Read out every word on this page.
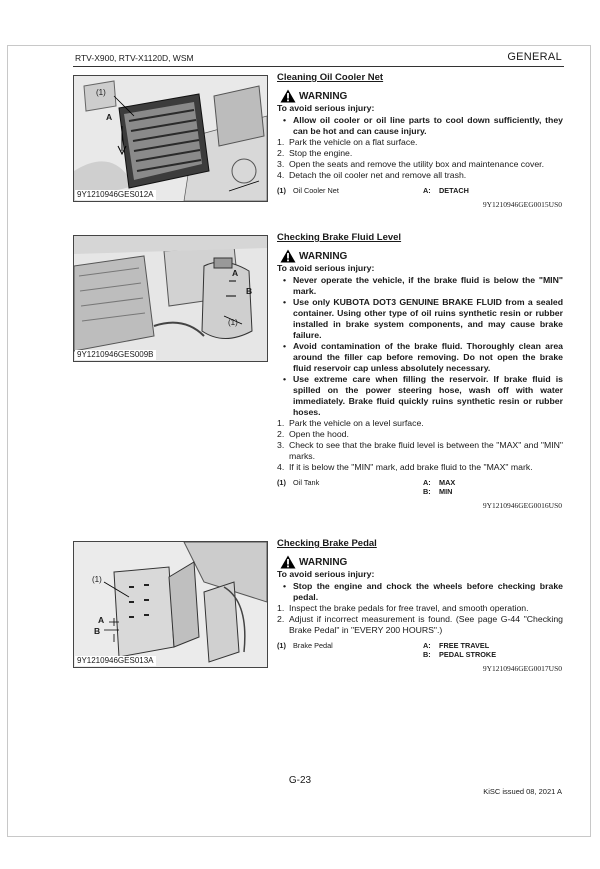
RTV-X900, RTV-X1120D, WSM	GENERAL
(1)
A
9Y1210946GES012A
A
B
(1)
9Y1210946GES009B
(1)
A
B
9Y1210946GES013A
Cleaning Oil Cooler Net
WARNING
To avoid serious injury:
• Allow oil cooler or oil line parts to cool down sufficiently, they can be hot and can cause injury.
1. Park the vehicle on a flat surface.
2. Stop the engine.
3. Open the seats and remove the utility box and maintenance cover.
4. Detach the oil cooler net and remove all trash.
(1) Oil Cooler Net	A: DETACH
9Y1210946GEG0015US0
Checking Brake Fluid Level
WARNING
To avoid serious injury:
• Never operate the vehicle, if the brake fluid is below the "MIN" mark.
• Use only KUBOTA DOT3 GENUINE BRAKE FLUID from a sealed container. Using other type of oil ruins synthetic resin or rubber installed in brake system components, and may cause brake failure.
• Avoid contamination of the brake fluid. Thoroughly clean area around the filler cap before removing. Do not open the brake fluid reservoir cap unless absolutely necessary.
• Use extreme care when filling the reservoir. If brake fluid is spilled on the power steering hose, wash off with water immediately. Brake fluid quickly ruins synthetic resin or rubber hoses.
1. Park the vehicle on a level surface.
2. Open the hood.
3. Check to see that the brake fluid level is between the "MAX" and "MIN" marks.
4. If it is below the "MIN" mark, add brake fluid to the "MAX" mark.
(1) Oil Tank	A: MAX
B: MIN
9Y1210946GEG0016US0
Checking Brake Pedal
WARNING
To avoid serious injury:
• Stop the engine and chock the wheels before checking brake pedal.
1. Inspect the brake pedals for free travel, and smooth operation.
2. Adjust if incorrect measurement is found. (See page G-44 "Checking Brake Pedal" in "EVERY 200 HOURS".)
(1) Brake Pedal	A: FREE TRAVEL
B: PEDAL STROKE
9Y1210946GEG0017US0
G-23
KiSC issued 08, 2021 A
